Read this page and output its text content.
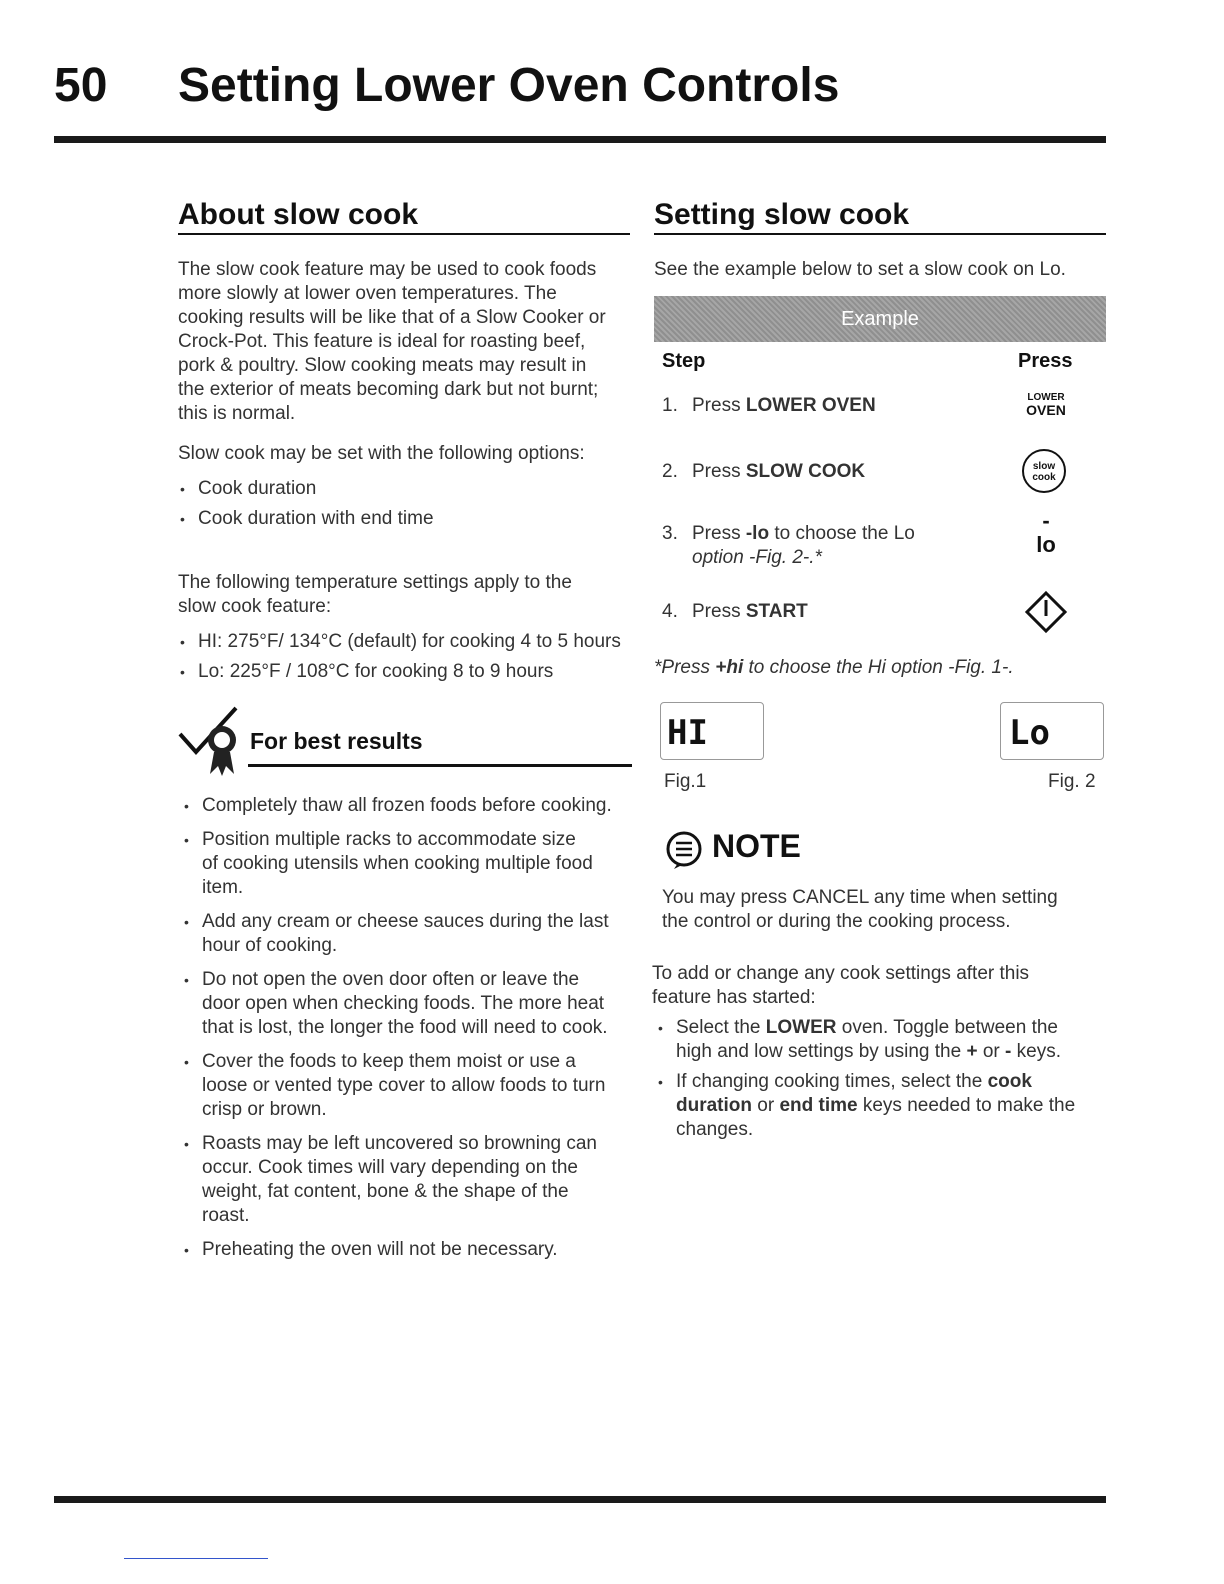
50 Setting Lower Oven Controls
About slow cook
The slow cook feature may be used to cook foods
more slowly at lower oven temperatures. The
cooking results will be like that of a Slow Cooker or
Crock-Pot. This feature is ideal for roasting beef,
pork & poultry. Slow cooking meats may result in
the exterior of meats becoming dark but not burnt;
this is normal.
Slow cook may be set with the following options:
• Cook duration
• Cook duration with end time
The following temperature settings apply to the
slow cook feature:
• HI: 275°F/ 134°C (default) for cooking 4 to 5 hours
• Lo: 225°F / 108°C for cooking 8 to 9 hours
For best results
• Completely thaw all frozen foods before cooking.
• Position multiple racks to accommodate size
of cooking utensils when cooking multiple food
item.
• Add any cream or cheese sauces during the last
hour of cooking.
• Do not open the oven door often or leave the
door open when checking foods. The more heat
that is lost, the longer the food will need to cook.
• Cover the foods to keep them moist or use a
loose or vented type cover to allow foods to turn
crisp or brown.
• Roasts may be left uncovered so browning can
occur. Cook times will vary depending on the
weight, fat content, bone & the shape of the
roast.
• Preheating the oven will not be necessary.
Setting slow cook
See the example below to set a slow cook on Lo.
Example
Step	Press
1. Press LOWER OVEN	LOWER
OVEN
2. Press SLOW COOK	slow
cook
3. Press -lo to choose the Lo
option -Fig. 2-.*
-
lo
4. Press START
*Press +hi to choose the Hi option -Fig. 1-.
HI
Fig.1
Lo
Fig. 2
NOTE
You may press CANCEL any time when setting
the control or during the cooking process.
To add or change any cook settings after this
feature has started:
• Select the LOWER oven. Toggle between the
high and low settings by using the + or - keys.
• If changing cooking times, select the cook
duration or end time keys needed to make the
changes.
